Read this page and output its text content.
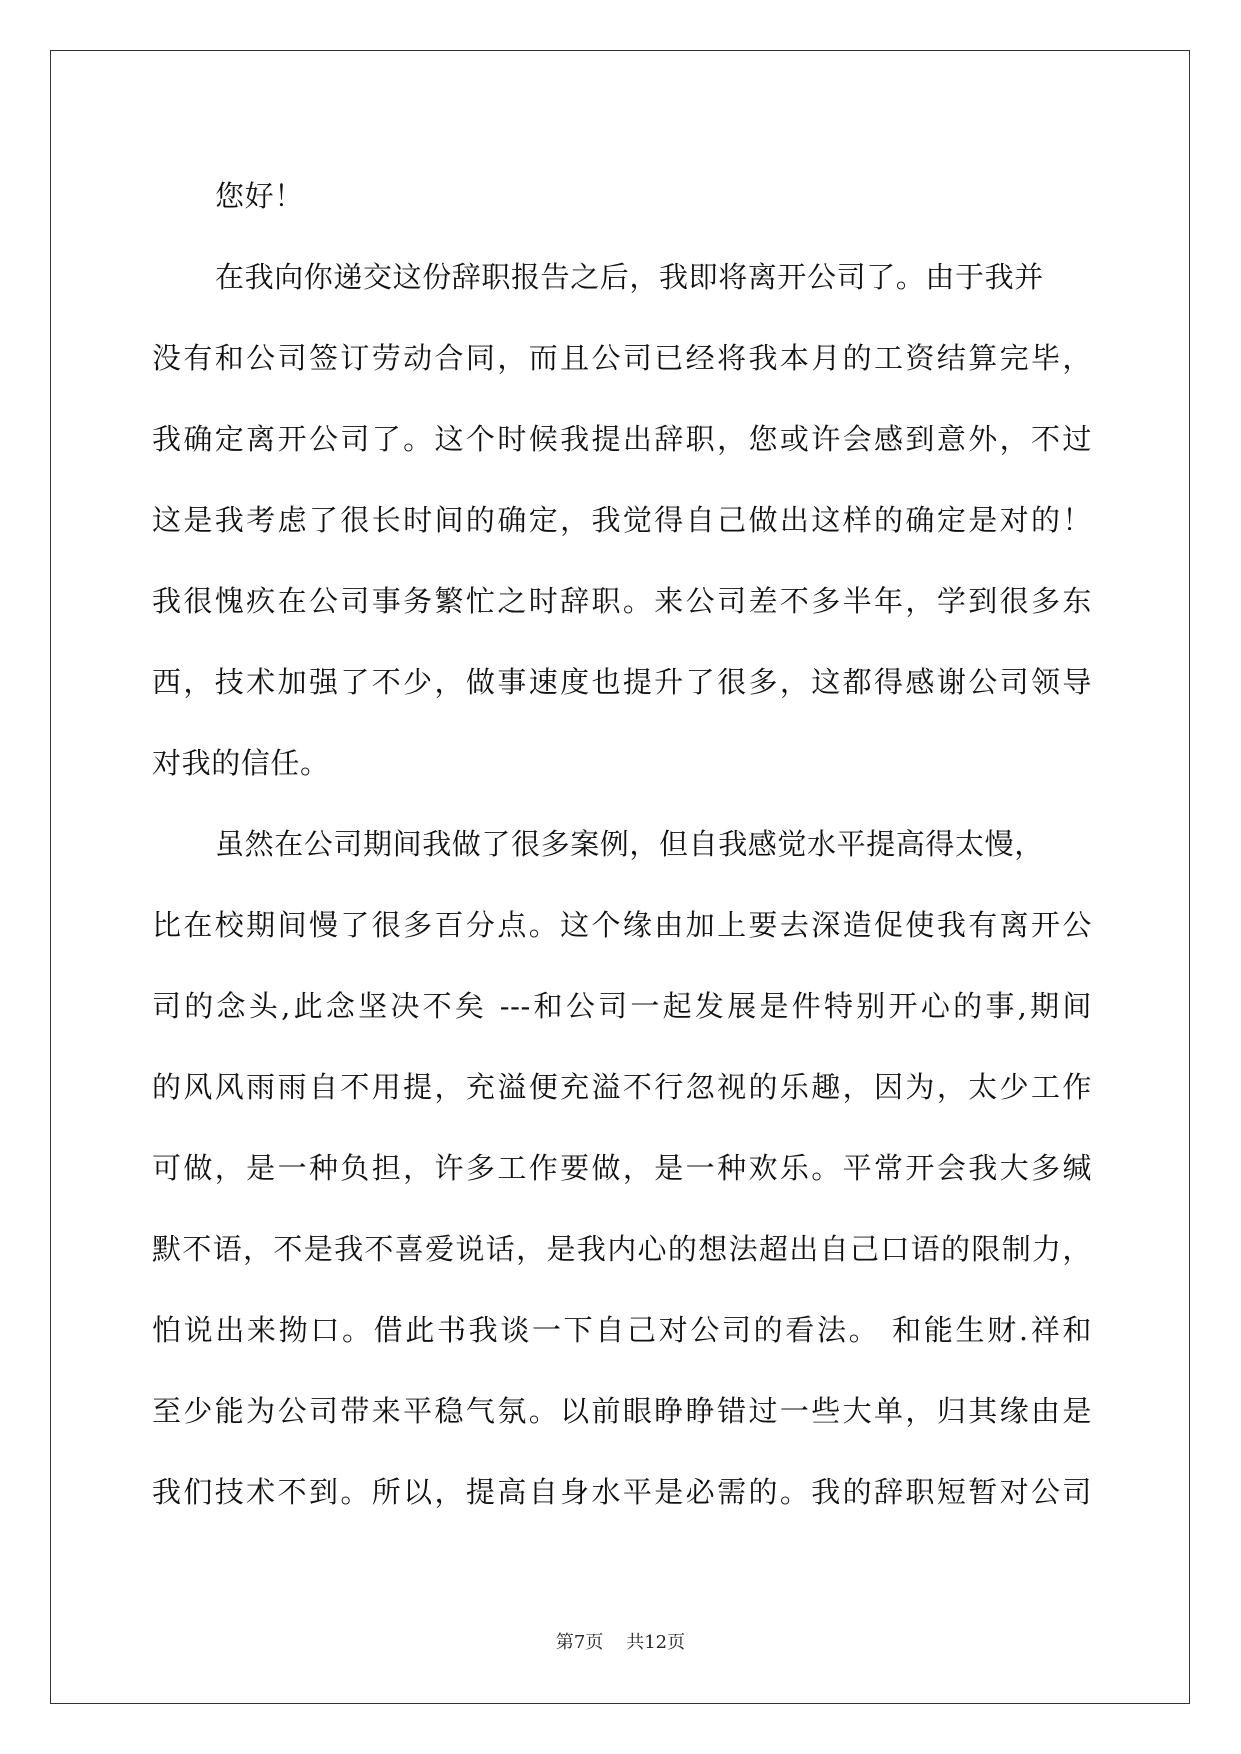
您好！
在我向你递交这份辞职报告之后，我即将离开公司了。由于我并
没有和公司签订劳动合同，而且公司已经将我本月的工资结算完毕，
我确定离开公司了。这个时候我提出辞职，您或许会感到意外，不过
这是我考虑了很长时间的确定，我觉得自己做出这样的确定是对的！
我很愧疚在公司事务繁忙之时辞职。来公司差不多半年，学到很多东
西，技术加强了不少，做事速度也提升了很多，这都得感谢公司领导
对我的信任。
虽然在公司期间我做了很多案例，但自我感觉水平提高得太慢，
比在校期间慢了很多百分点。这个缘由加上要去深造促使我有离开公
司的念头,此念坚决不矣 ---和公司一起发展是件特别开心的事,期间
的风风雨雨自不用提，充溢便充溢不行忽视的乐趣，因为，太少工作
可做，是一种负担，许多工作要做，是一种欢乐。平常开会我大多缄
默不语，不是我不喜爱说话，是我内心的想法超出自己口语的限制力，
怕说出来拗口。借此书我谈一下自己对公司的看法。 和能生财.祥和
至少能为公司带来平稳气氛。以前眼睁睁错过一些大单，归其缘由是
我们技术不到。所以，提高自身水平是必需的。我的辞职短暂对公司
第7页 共12页
